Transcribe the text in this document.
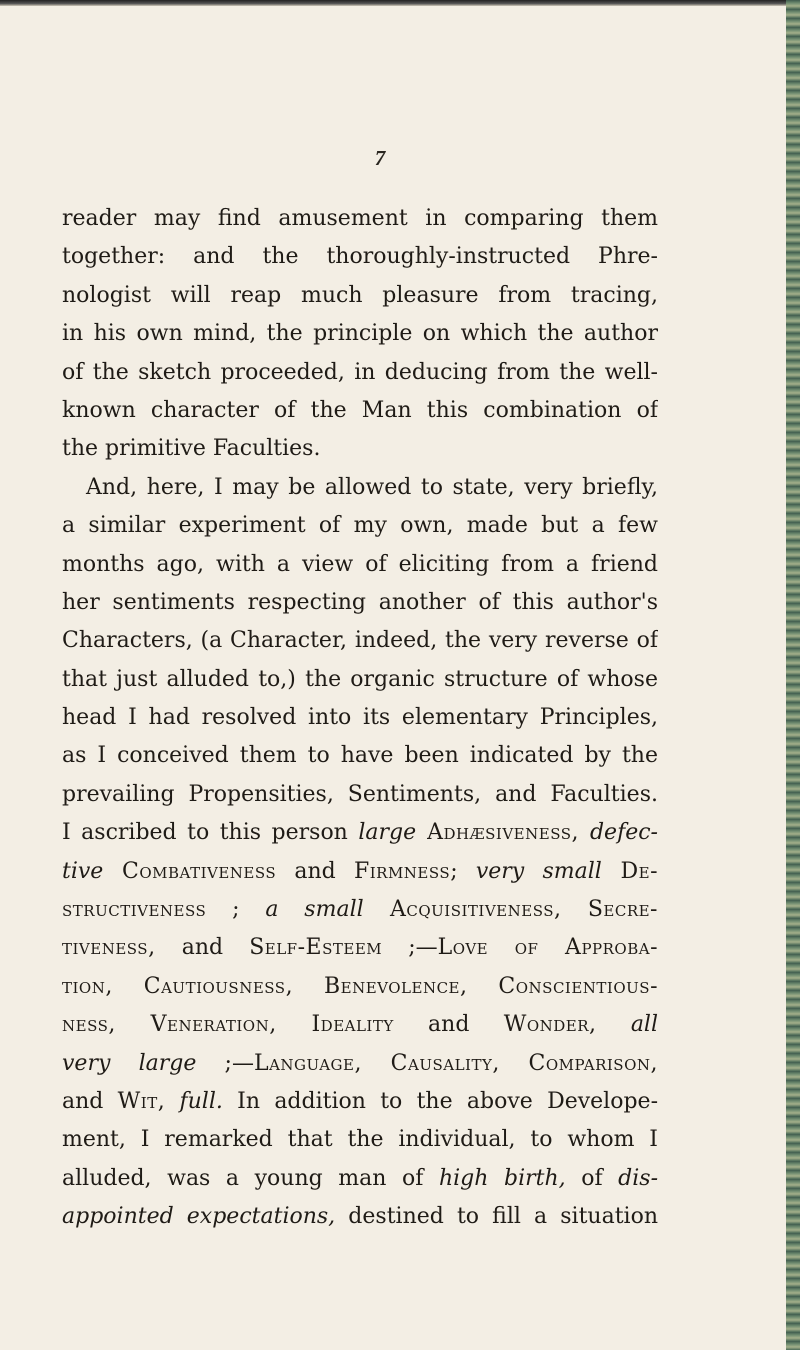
7
reader may find amusement in comparing them
together: and the thoroughly-instructed Phre-
nologist will reap much pleasure from tracing,
in his own mind, the principle on which the author
of the sketch proceeded, in deducing from the well-
known character of the Man this combination of
the primitive Faculties.
And, here, I may be allowed to state, very briefly,
a similar experiment of my own, made but a few
months ago, with a view of eliciting from a friend
her sentiments respecting another of this author's
Characters, (a Character, indeed, the very reverse of
that just alluded to,) the organic structure of whose
head I had resolved into its elementary Principles,
as I conceived them to have been indicated by the
prevailing Propensities, Sentiments, and Faculties.
I ascribed to this person large Adhæsiveness, defec-
tive Combativeness and Firmness; very small De-
structiveness ; a small Acquisitiveness, Secre-
tiveness, and Self-Esteem ;—Love of Approba-
tion, Cautiousness, Benevolence, Conscientious-
ness, Veneration, Ideality and Wonder, all
very large ;—Language, Causality, Comparison,
and Wit, full. In addition to the above Develope-
ment, I remarked that the individual, to whom I
alluded, was a young man of high birth, of dis-
appointed expectations, destined to fill a situation
